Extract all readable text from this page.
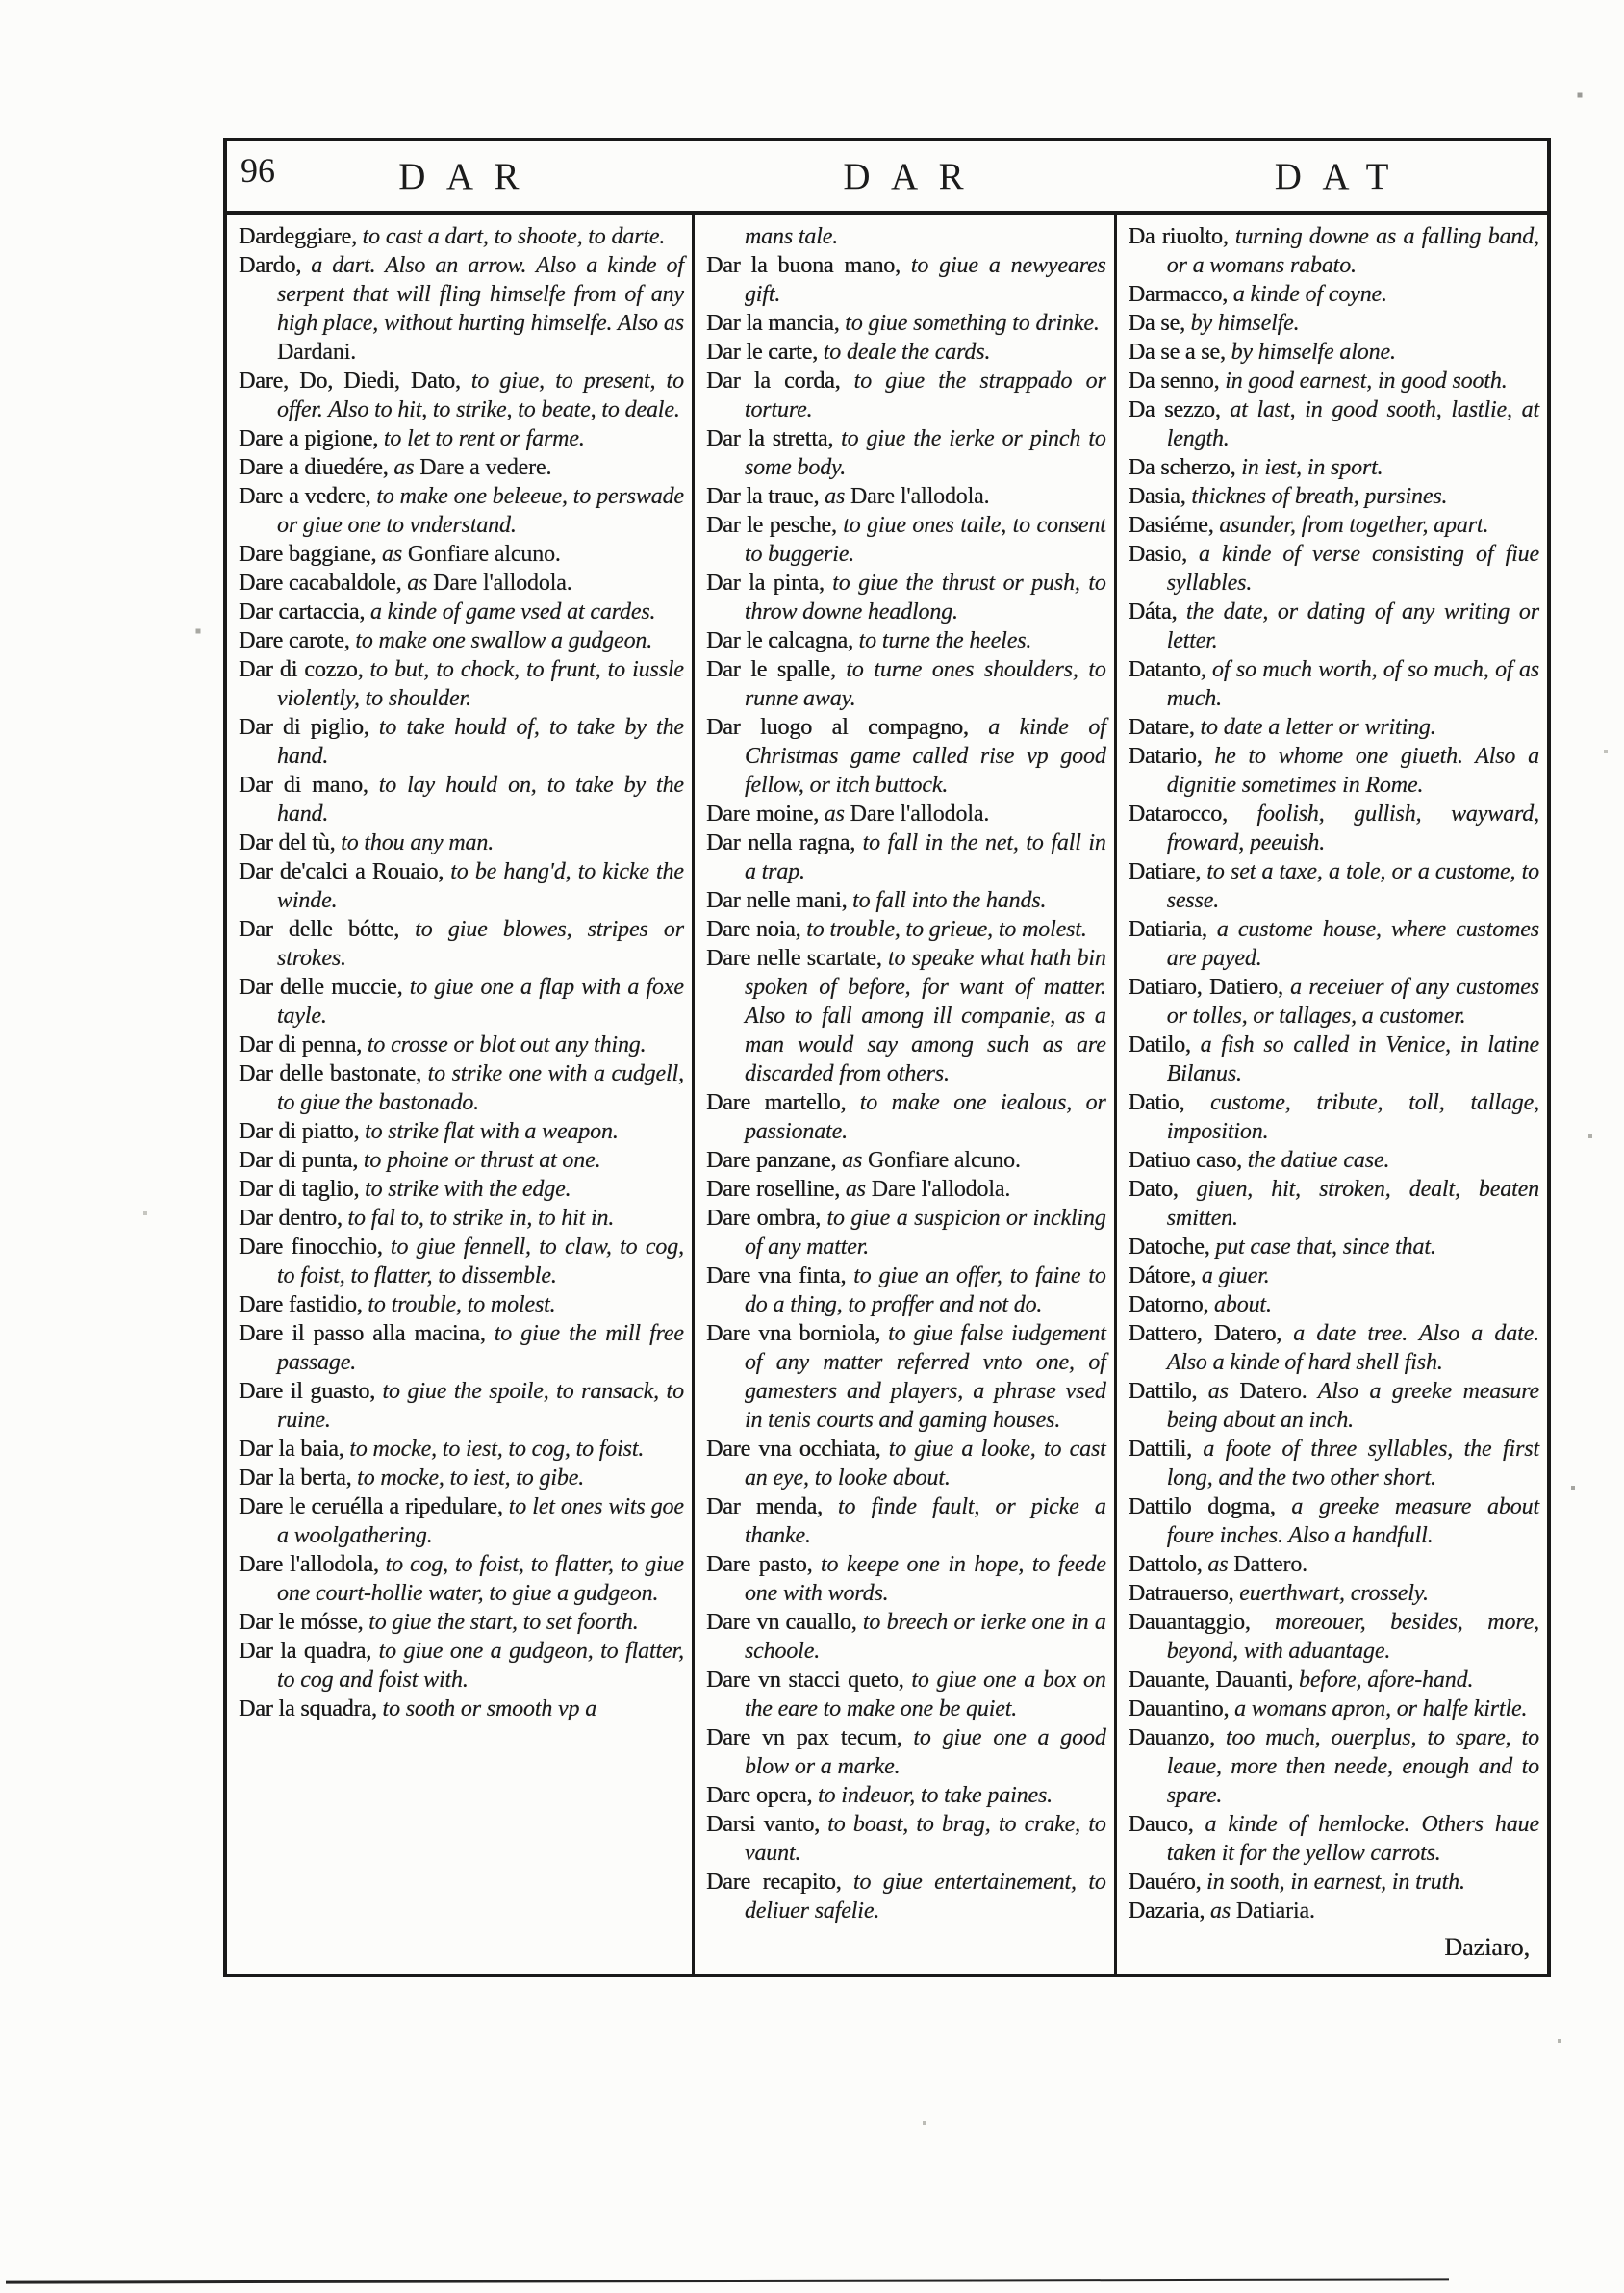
96	DAR	DAR	DAT
Dardeggiare, to cast a dart, to shoote, to darte.
Dardo, a dart. Also an arrow. Also a kinde of serpent that will fling himselfe from of any high place, without hurting himselfe. Also as Dardani.
Dare, Do, Diedi, Dato, to giue, to present, to offer. Also to hit, to strike, to beate, to deale.
Dare a pigione, to let to rent or farme.
Dare a diuedére, as Dare a vedere.
Dare a vedere, to make one beleeue, to perswade or giue one to vnderstand.
Dare baggiane, as Gonfiare alcuno.
Dare cacabaldole, as Dare l'allodola.
Dar cartaccia, a kinde of game vsed at cardes.
Dare carote, to make one swallow a gudgeon.
Dar di cozzo, to but, to chock, to frunt, to iussle violently, to shoulder.
Dar di piglio, to take hould of, to take by the hand.
Dar di mano, to lay hould on, to take by the hand.
Dar del tù, to thou any man.
Dar de'calci a Rouaio, to be hang'd, to kicke the winde.
Dar delle bótte, to giue blowes, stripes or strokes.
Dar delle muccie, to giue one a flap with a foxe tayle.
Dar di penna, to crosse or blot out any thing.
Dar delle bastonate, to strike one with a cudgell, to giue the bastonado.
Dar di piatto, to strike flat with a weapon.
Dar di punta, to phoine or thrust at one.
Dar di taglio, to strike with the edge.
Dar dentro, to fal to, to strike in, to hit in.
Dare finocchio, to giue fennell, to claw, to cog, to foist, to flatter, to dissemble.
Dare fastidio, to trouble, to molest.
Dare il passo alla macina, to giue the mill free passage.
Dare il guasto, to giue the spoile, to ransack, to ruine.
Dar la baia, to mocke, to iest, to cog, to foist.
Dar la berta, to mocke, to iest, to gibe.
Dare le ceruélla a ripedulare, to let ones wits goe a woolgathering.
Dare l'allodola, to cog, to foist, to flatter, to giue one court-hollie water, to giue a gudgeon.
Dar le mósse, to giue the start, to set foorth.
Dar la quadra, to giue one a gudgeon, to flatter, to cog and foist with.
Dar la squadra, to sooth or smooth vp a
mans tale.
Dar la buona mano, to giue a newyeares gift.
Dar la mancia, to giue something to drinke.
Dar le carte, to deale the cards.
Dar la corda, to giue the strappado or torture.
Dar la stretta, to giue the ierke or pinch to some body.
Dar la traue, as Dare l'allodola.
Dar le pesche, to giue ones taile, to consent to buggerie.
Dar la pinta, to giue the thrust or push, to throw downe headlong.
Dar le calcagna, to turne the heeles.
Dar le spalle, to turne ones shoulders, to runne away.
Dar luogo al compagno, a kinde of Christmas game called rise vp good fellow, or itch buttock.
Dare moine, as Dare l'allodola.
Dar nella ragna, to fall in the net, to fall in a trap.
Dar nelle mani, to fall into the hands.
Dare noia, to trouble, to grieue, to molest.
Dare nelle scartate, to speake what hath bin spoken of before, for want of matter. Also to fall among ill companie, as a man would say among such as are discarded from others.
Dare martello, to make one iealous, or passionate.
Dare panzane, as Gonfiare alcuno.
Dare roselline, as Dare l'allodola.
Dare ombra, to giue a suspicion or inckling of any matter.
Dare vna finta, to giue an offer, to faine to do a thing, to proffer and not do.
Dare vna borniola, to giue false iudgement of any matter referred vnto one, of gamesters and players, a phrase vsed in tenis courts and gaming houses.
Dare vna occhiata, to giue a looke, to cast an eye, to looke about.
Dar menda, to finde fault, or picke a thanke.
Dare pasto, to keepe one in hope, to feede one with words.
Dare vn cauallo, to breech or ierke one in a schoole.
Dare vn stacci queto, to giue one a box on the eare to make one be quiet.
Dare vn pax tecum, to giue one a good blow or a marke.
Dare opera, to indeuor, to take paines.
Darsi vanto, to boast, to brag, to crake, to vaunt.
Dare recapito, to giue entertainement, to deliuer safelie.
Da riuolto, turning downe as a falling band, or a womans rabato.
Darmacco, a kinde of coyne.
Da se, by himselfe.
Da se a se, by himselfe alone.
Da senno, in good earnest, in good sooth.
Da sezzo, at last, in good sooth, lastlie, at length.
Da scherzo, in iest, in sport.
Dasia, thicknes of breath, pursines.
Dasiéme, asunder, from together, apart.
Dasio, a kinde of verse consisting of fiue syllables.
Dáta, the date, or dating of any writing or letter.
Datanto, of so much worth, of so much, of as much.
Datare, to date a letter or writing.
Datario, he to whome one giueth. Also a dignitie sometimes in Rome.
Datarocco, foolish, gullish, wayward, froward, peeuish.
Datiare, to set a taxe, a tole, or a custome, to sesse.
Datiaria, a custome house, where customes are payed.
Datiaro, Datiero, a receiuer of any customes or tolles, or tallages, a customer.
Datilo, a fish so called in Venice, in latine Bilanus.
Datio, custome, tribute, toll, tallage, imposition.
Datiuo caso, the datiue case.
Dato, giuen, hit, stroken, dealt, beaten smitten.
Datoche, put case that, since that.
Dátore, a giuer.
Datorno, about.
Dattero, Datero, a date tree. Also a date. Also a kinde of hard shell fish.
Dattilo, as Datero. Also a greeke measure being about an inch.
Dattili, a foote of three syllables, the first long, and the two other short.
Dattilo dogma, a greeke measure about foure inches. Also a handfull.
Dattolo, as Dattero.
Datrauerso, euerthwart, crossely.
Dauantaggio, moreouer, besides, more, beyond, with aduantage.
Dauante, Dauanti, before, afore-hand.
Dauantino, a womans apron, or halfe kirtle.
Dauanzo, too much, ouerplus, to spare, to leaue, more then neede, enough and to spare.
Dauco, a kinde of hemlocke. Others haue taken it for the yellow carrots.
Dauéro, in sooth, in earnest, in truth.
Dazaria, as Datiaria.
Daziaro,
